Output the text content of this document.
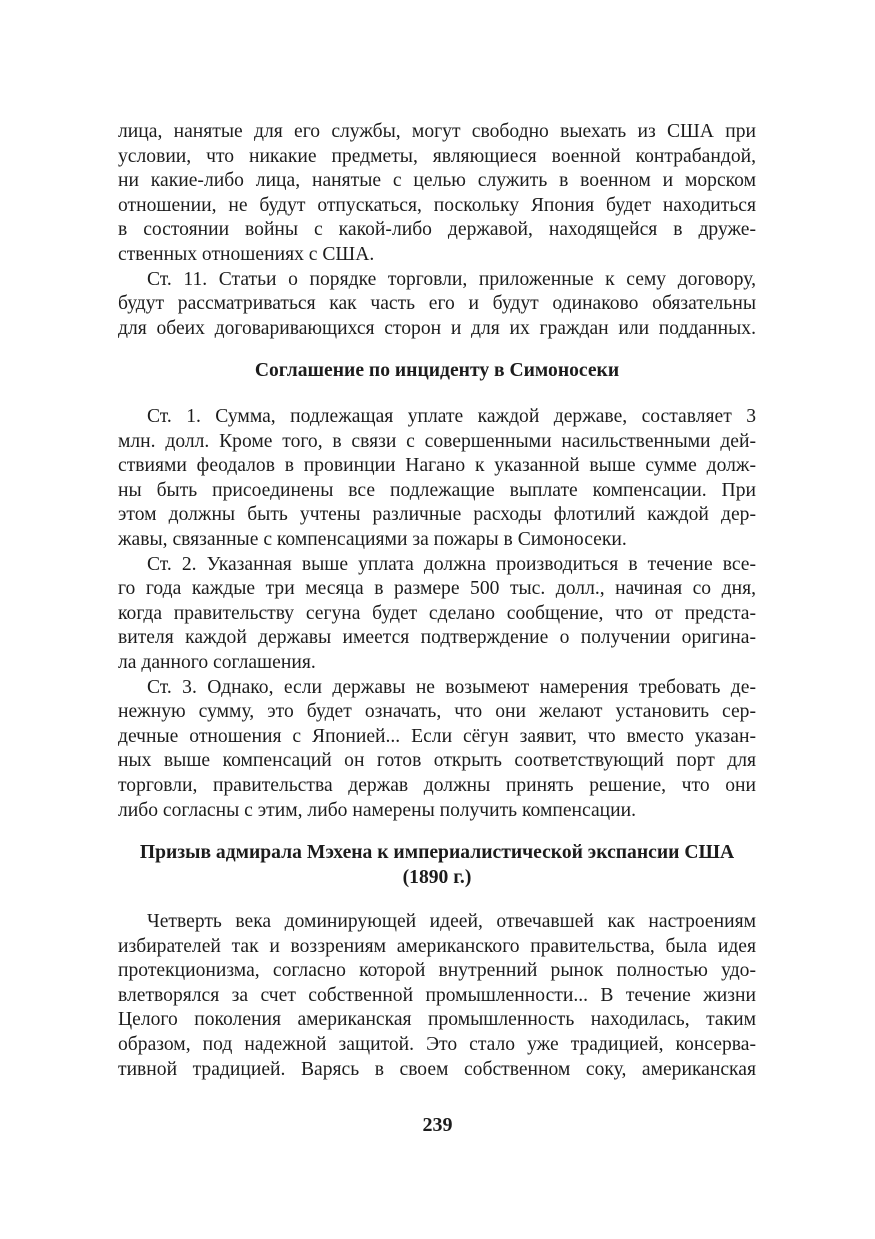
лица, нанятые для его службы, могут свободно выехать из США при
условии, что никакие предметы, являющиеся военной контрабандой,
ни какие-либо лица, нанятые с целью служить в военном и морском
отношении, не будут отпускаться, поскольку Япония будет находиться
в состоянии войны с какой-либо державой, находящейся в друже-
ственных отношениях с США.
Ст. 11. Статьи о порядке торговли, приложенные к сему договору,
будут рассматриваться как часть его и будут одинаково обязательны
для обеих договаривающихся сторон и для их граждан или подданных.
Соглашение по инциденту в Симоносеки
Ст. 1. Сумма, подлежащая уплате каждой державе, составляет 3
млн. долл. Кроме того, в связи с совершенными насильственными дей-
ствиями феодалов в провинции Нагано к указанной выше сумме долж-
ны быть присоединены все подлежащие выплате компенсации. При
этом должны быть учтены различные расходы флотилий каждой дер-
жавы, связанные с компенсациями за пожары в Симоносеки.
Ст. 2. Указанная выше уплата должна производиться в течение все-
го года каждые три месяца в размере 500 тыс. долл., начиная со дня,
когда правительству сегуна будет сделано сообщение, что от предста-
вителя каждой державы имеется подтверждение о получении оригина-
ла данного соглашения.
Ст. 3. Однако, если державы не возымеют намерения требовать де-
нежную сумму, это будет означать, что они желают установить сер-
дечные отношения с Японией... Если сёгун заявит, что вместо указан-
ных выше компенсаций он готов открыть соответствующий порт для
торговли, правительства держав должны принять решение, что они
либо согласны с этим, либо намерены получить компенсации.
Призыв адмирала Мэхена к империалистической экспансии США
(1890 г.)
Четверть века доминирующей идеей, отвечавшей как настроениям
избирателей так и воззрениям американского правительства, была идея
протекционизма, согласно которой внутренний рынок полностью удо-
влетворялся за счет собственной промышленности... В течение жизни
Целого поколения американская промышленность находилась, таким
образом, под надежной защитой. Это стало уже традицией, консерва-
тивной традицией. Варясь в своем собственном соку, американская
239
